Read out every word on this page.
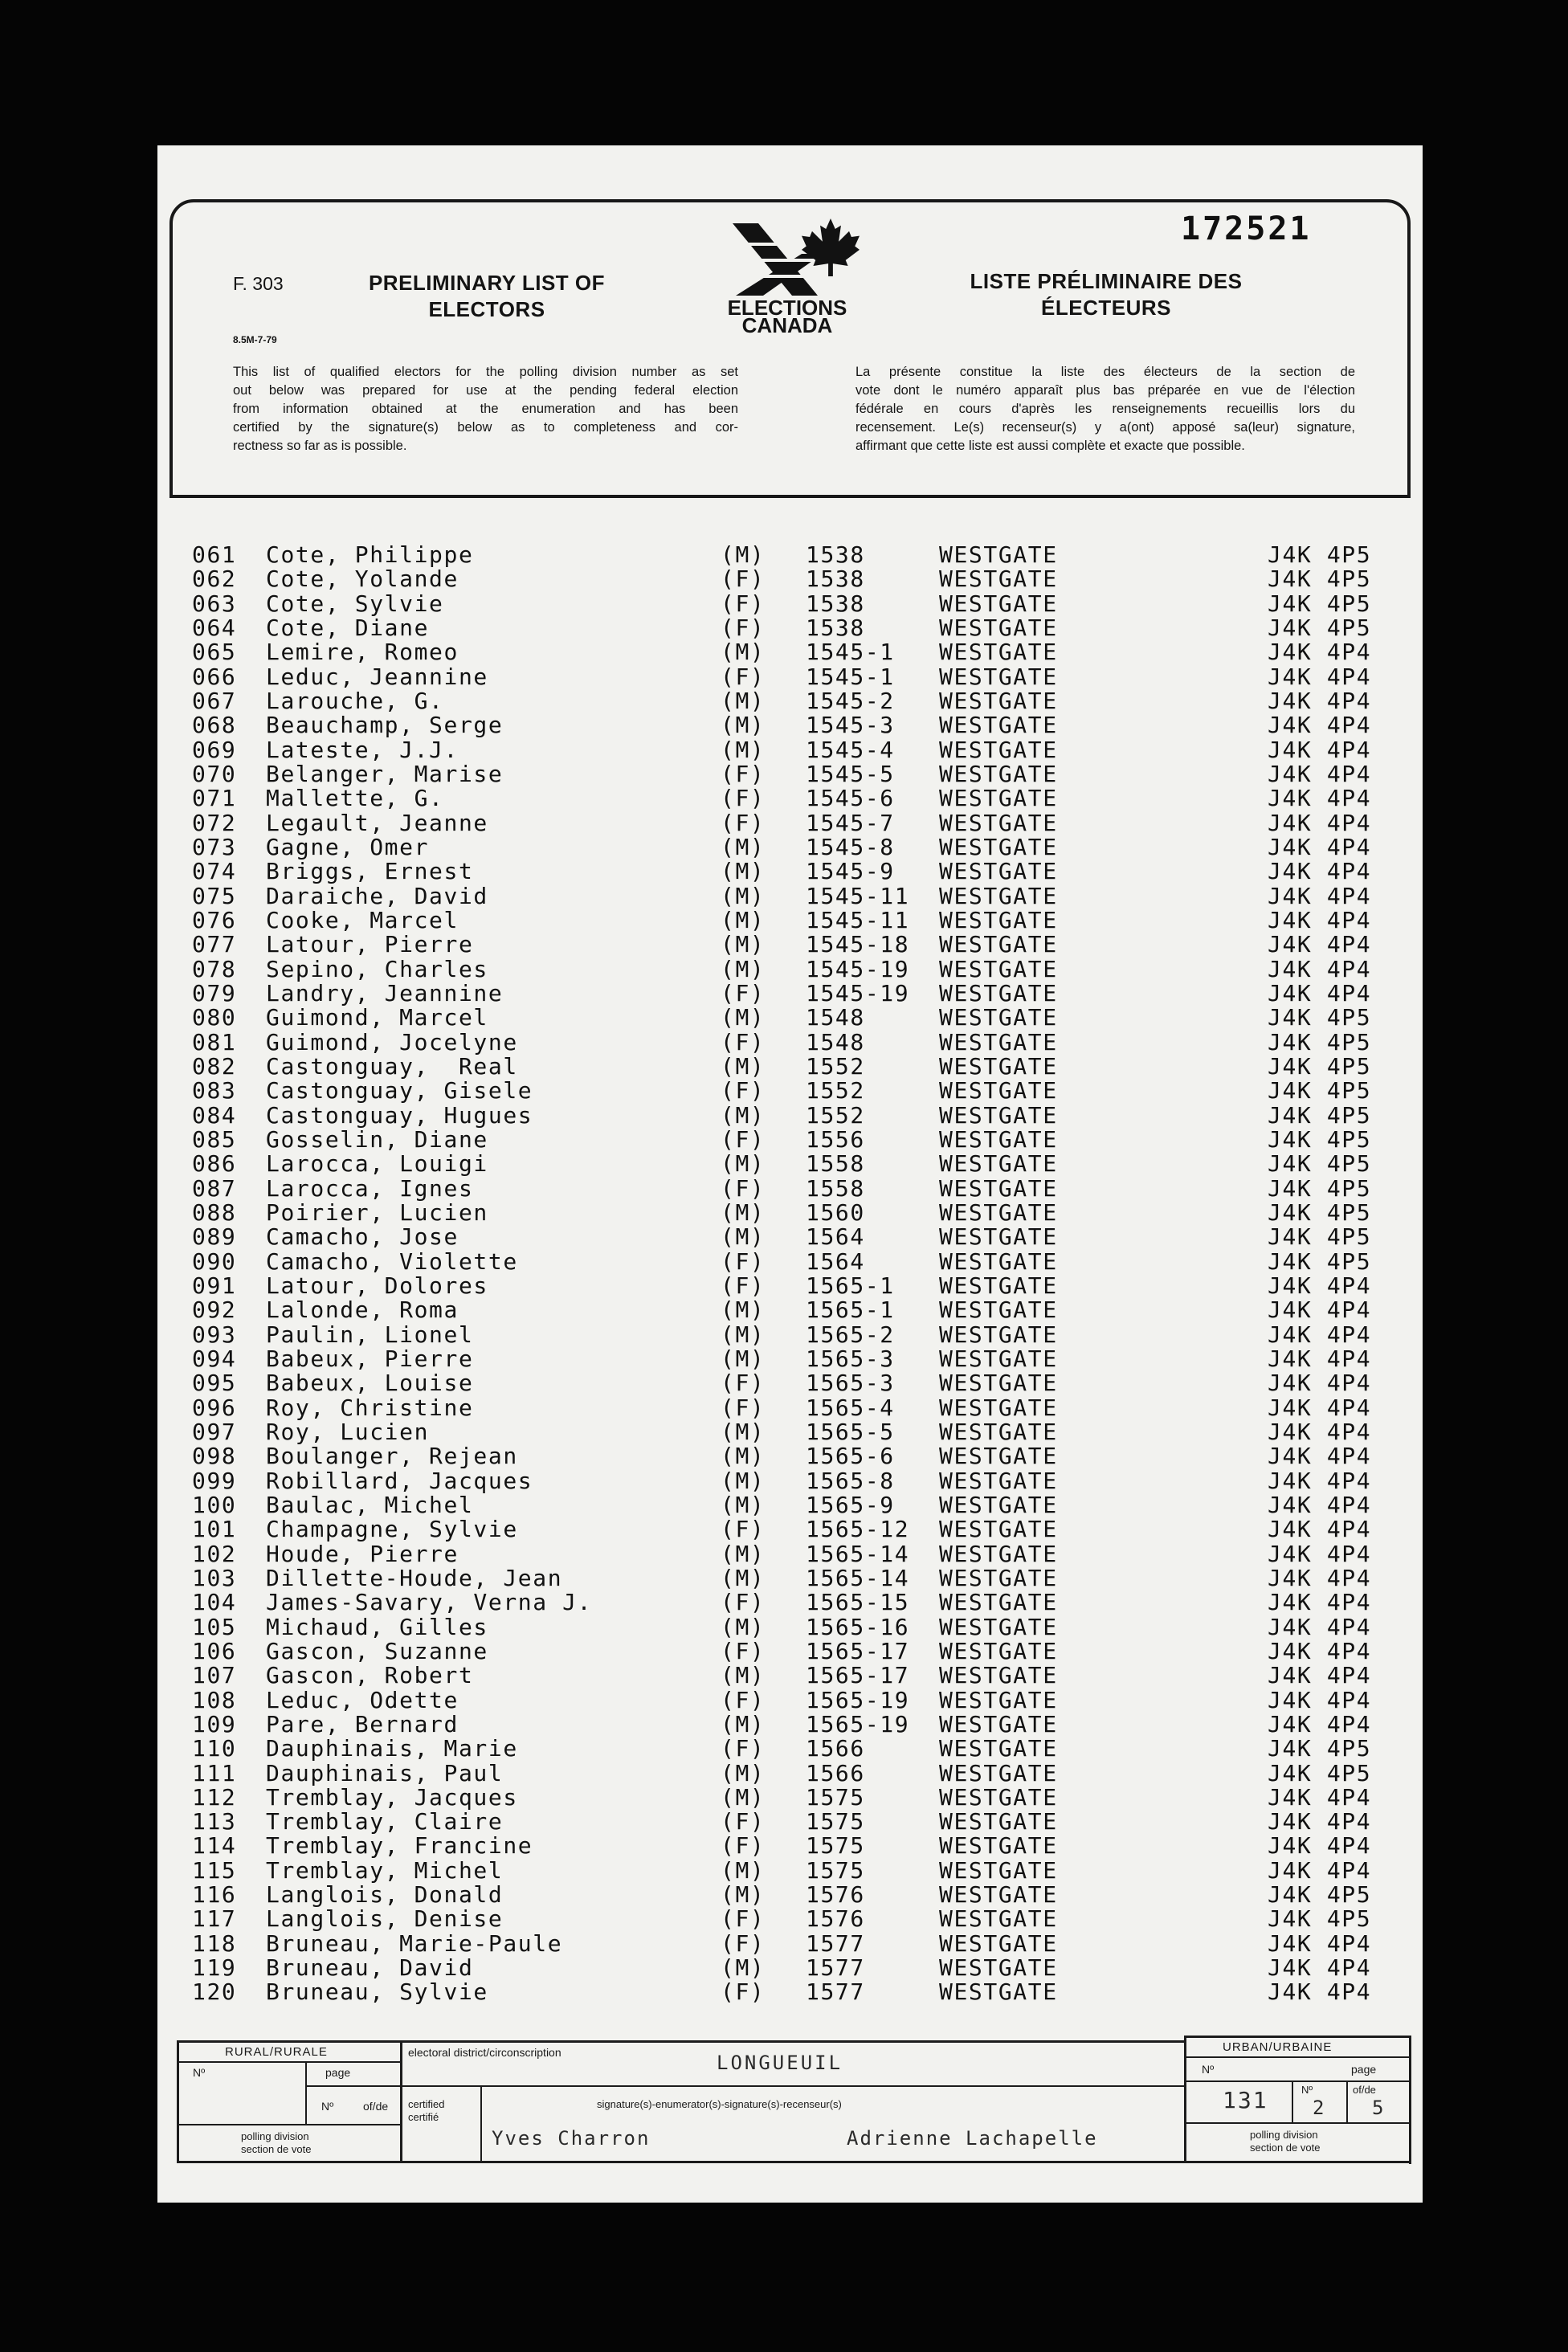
172521
F. 303
8.5M-7-79
PRELIMINARY LIST OF
ELECTORS	ELECTIONS
CANADA
LISTE PRÉLIMINAIRE DES
ÉLECTEURS
This list of qualified electors for the polling division number as set
out below was prepared for use at the pending federal election
from information obtained at the enumeration and has been
certified by the signature(s) below as to completeness and cor-
rectness so far as is possible.
La présente constitue la liste des électeurs de la section de
vote dont le numéro apparaît plus bas préparée en vue de l'élection
fédérale en cours d'après les renseignements recueillis lors du
recensement. Le(s) recenseur(s) y a(ont) apposé sa(leur) signature,
affirmant que cette liste est aussi complète et exacte que possible.
061 Cote, Philippe	(M) 1538	WESTGATE	J4K 4P5
062 Cote, Yolande	(F) 1538	WESTGATE	J4K 4P5
063 Cote, Sylvie	(F) 1538	WESTGATE	J4K 4P5
064 Cote, Diane	(F) 1538	WESTGATE	J4K 4P5
065 Lemire, Romeo	(M) 1545-1 WESTGATE	J4K 4P4
066 Leduc, Jeannine	(F) 1545-1 WESTGATE	J4K 4P4
067 Larouche, G.	(M) 1545-2 WESTGATE	J4K 4P4
068 Beauchamp, Serge	(M) 1545-3 WESTGATE	J4K 4P4
069 Lateste, J.J.	(M) 1545-4 WESTGATE	J4K 4P4
070 Belanger, Marise	(F) 1545-5 WESTGATE	J4K 4P4
071 Mallette, G.	(F) 1545-6 WESTGATE	J4K 4P4
072 Legault, Jeanne	(F) 1545-7 WESTGATE	J4K 4P4
073 Gagne, Omer	(M) 1545-8 WESTGATE	J4K 4P4
074 Briggs, Ernest	(M) 1545-9 WESTGATE	J4K 4P4
075 Daraiche, David	(M) 1545-11 WESTGATE	J4K 4P4
076 Cooke, Marcel	(M) 1545-11 WESTGATE	J4K 4P4
077 Latour, Pierre	(M) 1545-18 WESTGATE	J4K 4P4
078 Sepino, Charles	(M) 1545-19 WESTGATE	J4K 4P4
079 Landry, Jeannine	(F) 1545-19 WESTGATE	J4K 4P4
080 Guimond, Marcel	(M) 1548	WESTGATE	J4K 4P5
081 Guimond, Jocelyne	(F) 1548	WESTGATE	J4K 4P5
082 Castonguay,  Real	(M) 1552	WESTGATE	J4K 4P5
083 Castonguay, Gisele	(F) 1552	WESTGATE	J4K 4P5
084 Castonguay, Hugues	(M) 1552	WESTGATE	J4K 4P5
085 Gosselin, Diane	(F) 1556	WESTGATE	J4K 4P5
086 Larocca, Louigi	(M) 1558	WESTGATE	J4K 4P5
087 Larocca, Ignes	(F) 1558	WESTGATE	J4K 4P5
088 Poirier, Lucien	(M) 1560	WESTGATE	J4K 4P5
089 Camacho, Jose	(M) 1564	WESTGATE	J4K 4P5
090 Camacho, Violette	(F) 1564	WESTGATE	J4K 4P5
091 Latour, Dolores	(F) 1565-1 WESTGATE	J4K 4P4
092 Lalonde, Roma	(M) 1565-1 WESTGATE	J4K 4P4
093 Paulin, Lionel	(M) 1565-2 WESTGATE	J4K 4P4
094 Babeux, Pierre	(M) 1565-3 WESTGATE	J4K 4P4
095 Babeux, Louise	(F) 1565-3 WESTGATE	J4K 4P4
096 Roy, Christine	(F) 1565-4 WESTGATE	J4K 4P4
097 Roy, Lucien	(M) 1565-5 WESTGATE	J4K 4P4
098 Boulanger, Rejean	(M) 1565-6 WESTGATE	J4K 4P4
099 Robillard, Jacques	(M) 1565-8 WESTGATE	J4K 4P4
100 Baulac, Michel	(M) 1565-9 WESTGATE	J4K 4P4
101 Champagne, Sylvie	(F) 1565-12 WESTGATE	J4K 4P4
102 Houde, Pierre	(M) 1565-14 WESTGATE	J4K 4P4
103 Dillette-Houde, Jean	(M) 1565-14 WESTGATE	J4K 4P4
104 James-Savary, Verna J.	(F) 1565-15 WESTGATE	J4K 4P4
105 Michaud, Gilles	(M) 1565-16 WESTGATE	J4K 4P4
106 Gascon, Suzanne	(F) 1565-17 WESTGATE	J4K 4P4
107 Gascon, Robert	(M) 1565-17 WESTGATE	J4K 4P4
108 Leduc, Odette	(F) 1565-19 WESTGATE	J4K 4P4
109 Pare, Bernard	(M) 1565-19 WESTGATE	J4K 4P4
110 Dauphinais, Marie	(F) 1566	WESTGATE	J4K 4P5
111 Dauphinais, Paul	(M) 1566	WESTGATE	J4K 4P5
112 Tremblay, Jacques	(M) 1575	WESTGATE	J4K 4P4
113 Tremblay, Claire	(F) 1575	WESTGATE	J4K 4P4
114 Tremblay, Francine	(F) 1575	WESTGATE	J4K 4P4
115 Tremblay, Michel	(M) 1575	WESTGATE	J4K 4P4
116 Langlois, Donald	(M) 1576	WESTGATE	J4K 4P5
117 Langlois, Denise	(F) 1576	WESTGATE	J4K 4P5
118 Bruneau, Marie-Paule	(F) 1577	WESTGATE	J4K 4P4
119 Bruneau, David	(M) 1577	WESTGATE	J4K 4P4
120 Bruneau, Sylvie	(F) 1577	WESTGATE	J4K 4P4
RURAL/RURALE
Nº	page
Nº	of/de
polling division
section de vote
electoral district/circonscription	LONGUEUIL
certified
certifié
signature(s)-enumerator(s)-signature(s)-recenseur(s)
Yves Charron	Adrienne Lachapelle
URBAN/URBAINE
Nº	page
131	Nº
2
of/de
5
polling division
section de vote
